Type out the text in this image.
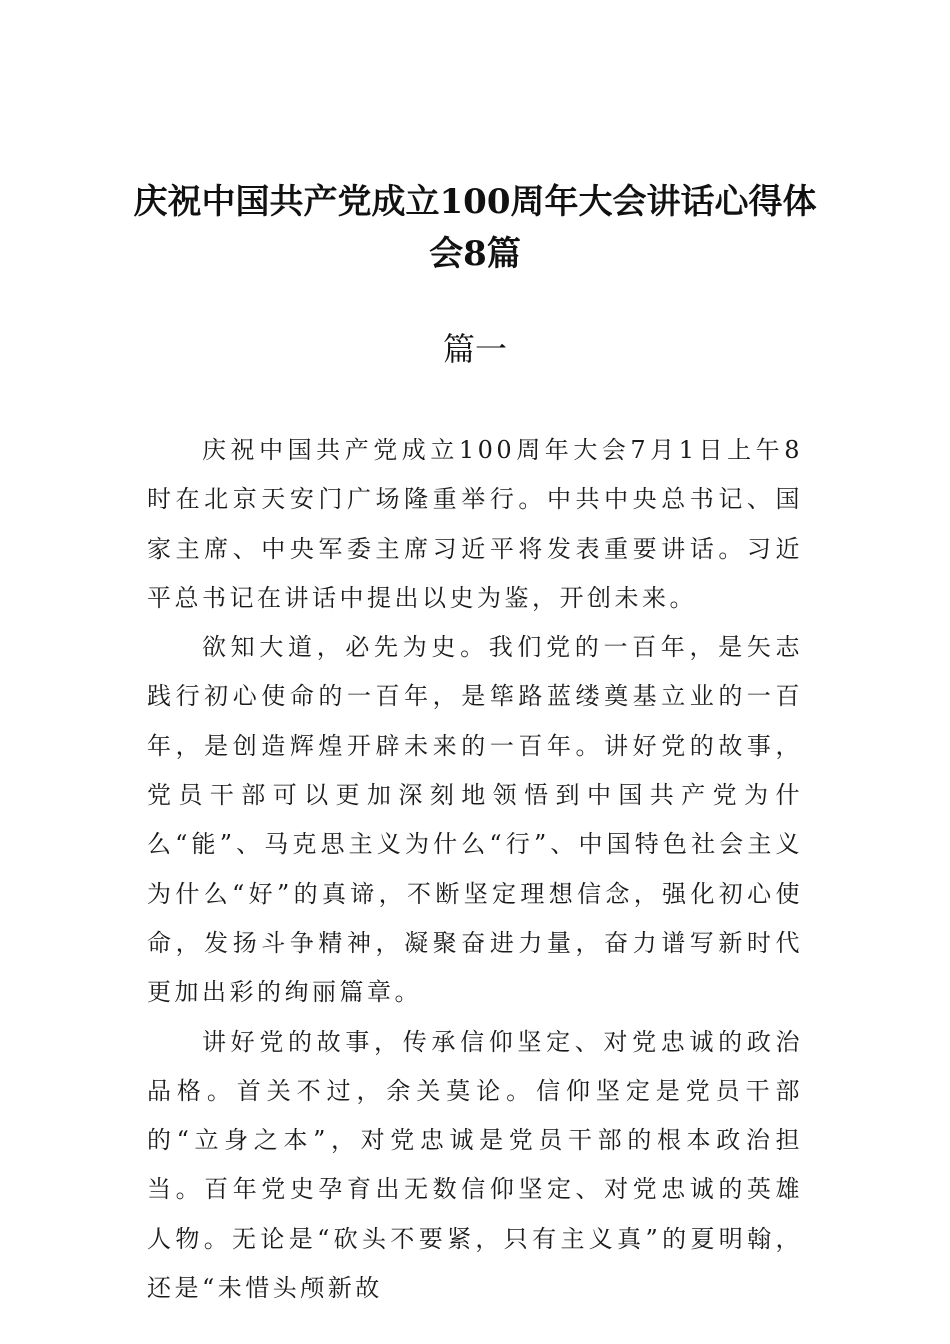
庆祝中国共产党成立100周年大会讲话心得体会8篇
篇一

庆祝中国共产党成立100周年大会7月1日上午8时在北京天安门广场隆重举行。中共中央总书记、国家主席、中央军委主席习近平将发表重要讲话。习近平总书记在讲话中提出以史为鉴，开创未来。

欲知大道，必先为史。我们党的一百年，是矢志践行初心使命的一百年，是筚路蓝缕奠基立业的一百年，是创造辉煌开辟未来的一百年。讲好党的故事，党员干部可以更加深刻地领悟到中国共产党为什么“能”、马克思主义为什么“行”、中国特色社会主义为什么“好”的真谛，不断坚定理想信念，强化初心使命，发扬斗争精神，凝聚奋进力量，奋力谱写新时代更加出彩的绚丽篇章。

讲好党的故事，传承信仰坚定、对党忠诚的政治品格。首关不过，余关莫论。信仰坚定是党员干部的“立身之本”，对党忠诚是党员干部的根本政治担当。百年党史孕育出无数信仰坚定、对党忠诚的英雄人物。无论是“砍头不要紧，只有主义真”的夏明翰，还是“未惜头颅新故
